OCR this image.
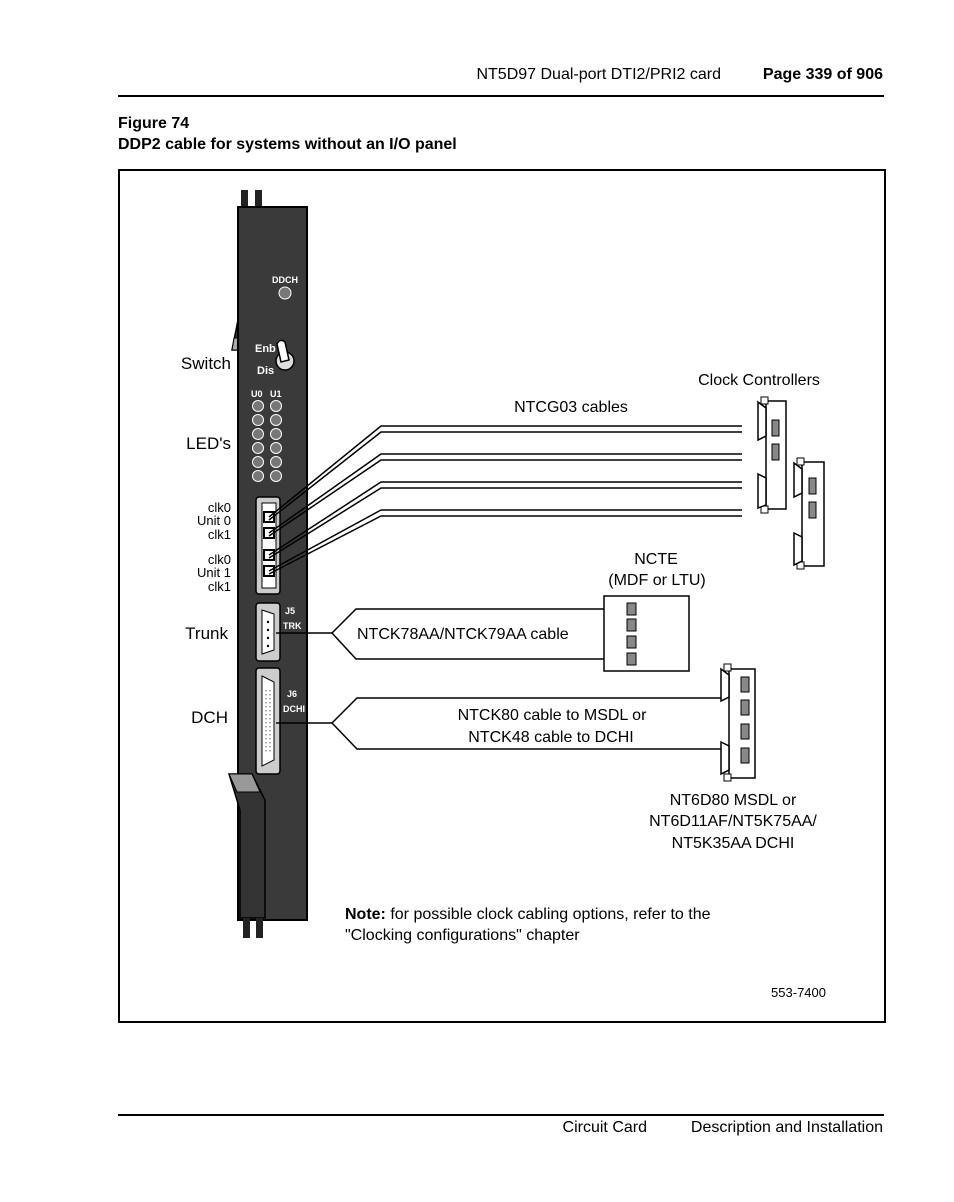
NT5D97 Dual-port DTI2/PRI2 card	Page 339 of 906
Figure 74
DDP2 cable for systems without an I/O panel
DDCH
Enb
Dis
U0 U1
J5
TRK
J6
DCHI
Switch
LED's
clk0
Unit 0
clk1
clk0
Unit 1
clk1
Trunk
DCH
NTCG03 cables
Clock Controllers
NTCK78AA/NTCK79AA cable
NCTE
(MDF or LTU)
NTCK80 cable to MSDL or
NTCK48 cable to DCHI
NT6D80 MSDL or
NT6D11AF/NT5K75AA/
NT5K35AA DCHI
Note: for possible clock cabling options, refer to the
"Clocking configurations" chapter
553-7400
Circuit Card	Description and Installation
